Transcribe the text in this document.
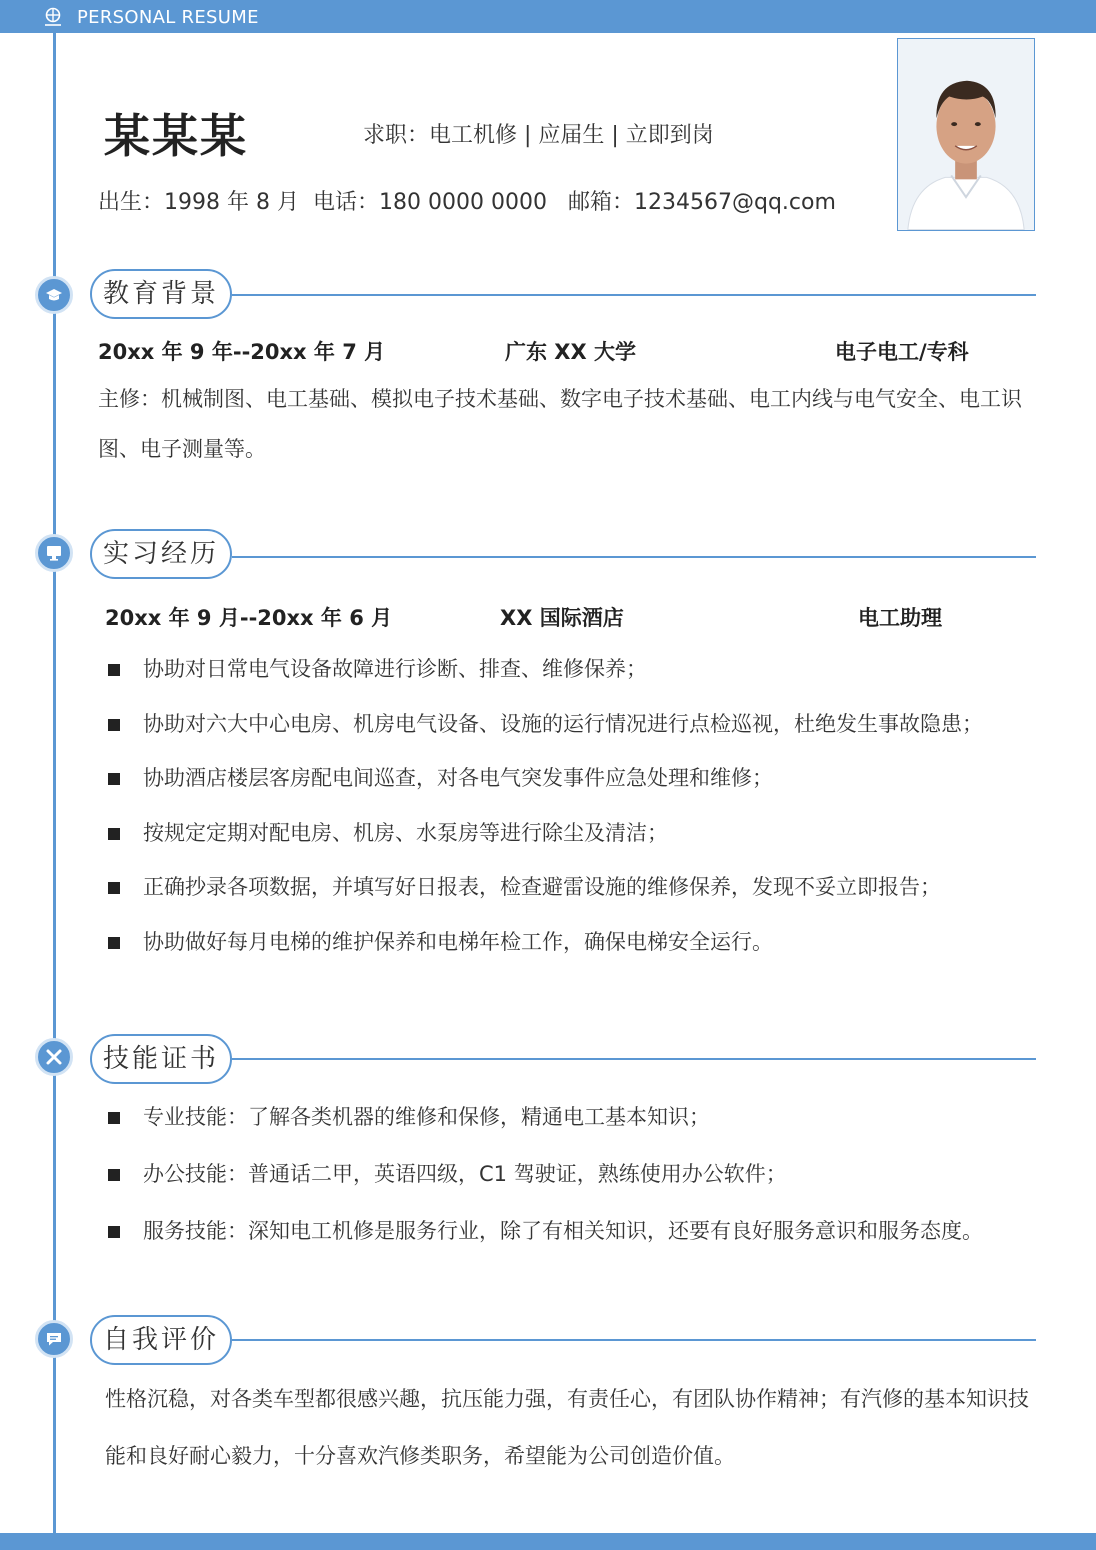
PERSONAL RESUME
某某某	求职：电工机修 | 应届生 | 立即到岗
出生：1998 年 8 月 电话：180 0000 0000 邮箱：1234567@qq.com
教育背景
20xx 年 9 年--20xx 年 7 月	广东 XX 大学	电子电工/专科
主修：机械制图、电工基础、模拟电子技术基础、数字电子技术基础、电工内线与电气安全、电工识图、电子测量等。
实习经历
20xx 年 9 月--20xx 年 6 月	XX 国际酒店	电工助理
协助对日常电气设备故障进行诊断、排查、维修保养；
协助对六大中心电房、机房电气设备、设施的运行情况进行点检巡视，杜绝发生事故隐患；
协助酒店楼层客房配电间巡查，对各电气突发事件应急处理和维修；
按规定定期对配电房、机房、水泵房等进行除尘及清洁；
正确抄录各项数据，并填写好日报表，检查避雷设施的维修保养，发现不妥立即报告；
协助做好每月电梯的维护保养和电梯年检工作，确保电梯安全运行。
技能证书
专业技能：了解各类机器的维修和保修，精通电工基本知识；
办公技能：普通话二甲，英语四级，C1 驾驶证，熟练使用办公软件；
服务技能：深知电工机修是服务行业，除了有相关知识，还要有良好服务意识和服务态度。
自我评价
性格沉稳，对各类车型都很感兴趣，抗压能力强，有责任心，有团队协作精神；有汽修的基本知识技能和良好耐心毅力，十分喜欢汽修类职务，希望能为公司创造价值。
